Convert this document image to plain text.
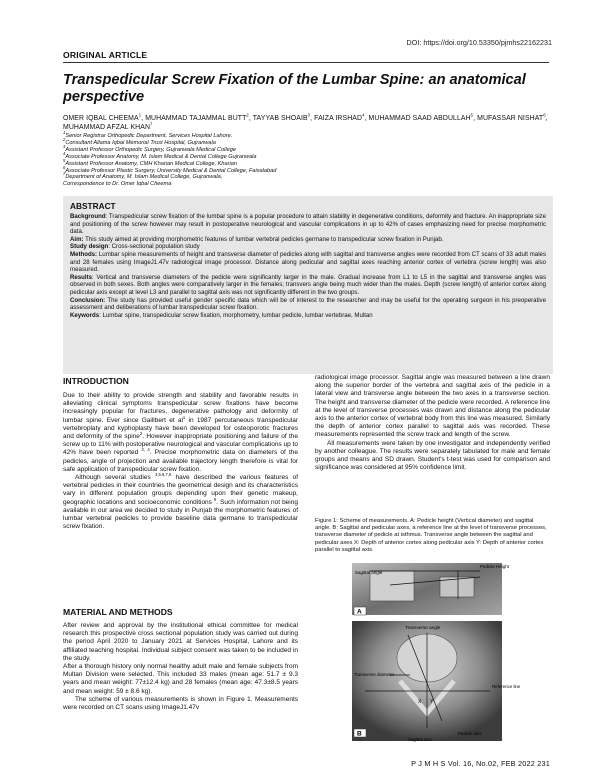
DOI: https://doi.org/10.53350/pjmhs22162231
ORIGINAL ARTICLE
Transpedicular Screw Fixation of the Lumbar Spine: an anatomical perspective
OMER IQBAL CHEEMA$^1$, MUHAMMAD TAJAMMAL BUTT$^2$, TAYYAB SHOAIB$^3$, FAIZA IRSHAD$^4$, MUHAMMAD SAAD ABDULLAH$^5$, MUFASSAR NISHAT$^6$, MUHAMMAD AFZAL KHAN$^7$
$^1$Senior Registrar Orthopedic Department, Services Hospital Lahore.
$^2$Consultant Allama Iqbal Memorial Trust Hospital, Gujranwala
$^3$Assistant Professor Orthopedic Surgery, Gujranwala Medical College
$^4$Associate Professor Anatomy, M. Islam Medical & Dental College Gujranwala
$^5$Assistant Professor Anatomy, CMH Kharian Medical College, Kharian
$^6$Associate Professor Plastic Surgery, University Medical & Dental College, Faisalabad
$^7$Department of Anatomy, M. Islam Medical College, Gujranwala,
Correspondence to Dr. Omer Iqbal Cheema
ABSTRACT

Background: Transpedicular screw fixation of the lumbar spine is a popular procedure to attain stability in degenerative conditions, deformity and fracture. An inappropriate size and positioning of the screw however may result in postoperative neurological and vascular complications in up to 42% of cases emphasizing need for precise morphometric data.

Aim: This study aimed at providing morphometric features of lumbar vertebral pedicles germane to transpedicular screw fixation in Punjab.

Study design: Cross-sectional population study

Methods: Lumbar spine measurements of height and transverse diameter of pedicles along with sagittal and transverse angles were recorded from CT scans of 33 adult males and 28 females using ImageJ1.47v radiological image processor. Distance along pedicular and sagittal axes reaching anterior cortex of vertebra (screw length) was also measured.

Results: Vertical and transverse diameters of the pedicle were significantly larger in the male. Gradual increase from L1 to L5 in the sagittal and transverse angles was observed in both sexes. Both angles were comparatively larger in the females; transvers angle being much wider than the males. Depth (screw length) of anterior cortex along pedicular axis except at level L3 and parallel to sagittal axis was not significantly different in the two groups.

Conclusion: The study has provided useful gender specific data which will be of interest to the researcher and may be useful for the operating surgeon in his preoperative assessment and deliberations of lumbar transpedicular screw fixation.

Keywords: Lumbar spine, transpedicular screw fixation, morphometry, lumbar pedicle, lumbar vertebrae, Multan

INTRODUCTION

Due to their ability to provide strength and stability and favorable results in alleviating clinical symptoms transpedicular screw fixations have become increasingly popular for fractures, degenerative pathology and deformity of lumbar spine. Ever since Gaillbert et $al^1$ in 1987 percutaneous transpedicular vertebroplaty and kyphoplasty have been developed for osteoporotic fractures and deformity of the spine$^2$. However inappropriate positioning and failure of the screw up to 11% with postoperative neurological and vascular complications up to 42% have been reported $^{3, 4}$. Precise morphometric data on diameters of the pedicles, angle of projection and available trajectory length therefore is vital for safe application of transpedicular screw fixation.

Although several studies $^{3,5,6,7,8}$ have described the various features of vertebral pedicles in their countries the geometrical design and its characteristics vary in different population groups depending upon their genetic makeup, geographic locations and socioeconomic conditions $^9$. Such information not being available in our area we decided to study in Punjab the morphometric features of lumbar vertebral pedicles to provide baseline data germane to transpedicular screw fixation.

MATERIAL AND METHODS

After review and approval by the institutional ethical committee for medical research this prospective cross sectional population study was carried out during the period April 2020 to January 2021 at Services Hospital, Lahore and its affiliated teaching hospital. Individual subject consent was taken to be included in the study.

After a thorough history only normal healthy adult male and female subjects from Multan Division were selected. This included 33 males (mean age: 51.7 ± 9.3 years and mean weight: 77±12.4 kg) and 28 females (mean age: 47.3±8.5 years and mean weight: 59 ± 8.6 kg).

The scheme of various measurements is shown in Figure 1. Measurements were recorded on CT scans using ImageJ1.47v

radiological image processor. Sagittal angle was measured between a line drawn along the superior border of the vertebra and sagittal axis of the pedicle in a lateral view and transverse angle between the two axes in a transverse section. The height and transverse diameter of the pedicle were recorded. A reference line at the level of transverse processes was drawn and distance along the pedicular axis to the anterior cortex of vertebral body from this line was measured. Similarly the depth of anterior cortex parallel to sagittal axis was recorded. These measurements represented the screw track and length of the screw.

All measurements were taken by one investigator and independently verified by another colleague. The results were separately tabulated for male and female groups and means and SD drawn. Student's t-test was used for comparison and significance was considered at 95% confidence limit.

Figure 1: Scheme of measurements. A: Pedicle height (Vertical diameter) and sagittal angle. B: Sagittal and pedicular axes, a reference line at the level of transverse processes, transverse diameter of pedicle at isthmus. Transverse angle between the sagittal and pedicular axes X: Depth of anterior cortex along pedicular axis Y: Depth of anterior cortex parallel to sagittal axis.
A
Sagittal angle
Pedicle Height
Transverse angle
Transverse diameter
Reference line
X Y
B
Sagittal axis
Pedicle axis
P J M H S Vol. 16, No.02, FEB 2022 231
